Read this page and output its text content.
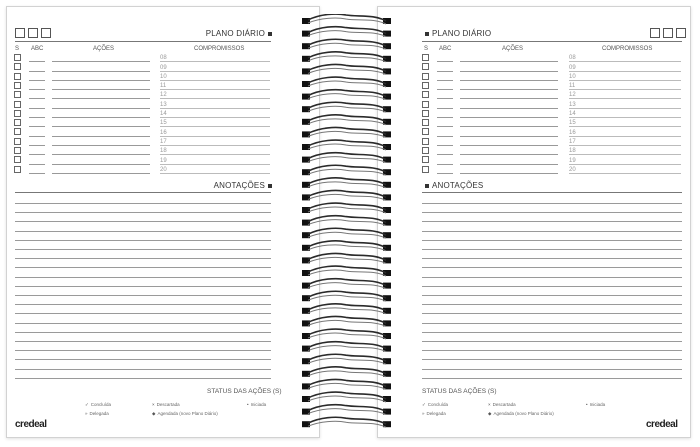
PLANO DIÁRIO
S ABC	AÇÕES	COMPROMISSOS
08
09
10
11
12
13
14
15
16
17
18
19
20
ANOTAÇÕES
STATUS DAS AÇÕES (S)
✓ Concluída	× Descartada	• Iniciada
» Delegada	◆ Agendada (novo Plano Diário)
credeal
PLANO DIÁRIO
S ABC	AÇÕES	COMPROMISSOS
08
09
10
11
12
13
14
15
16
17
18
19
20
ANOTAÇÕES
STATUS DAS AÇÕES (S)
✓ Concluída	× Descartada	• Iniciada
» Delegada	◆ Agendada (novo Plano Diário)
credeal
